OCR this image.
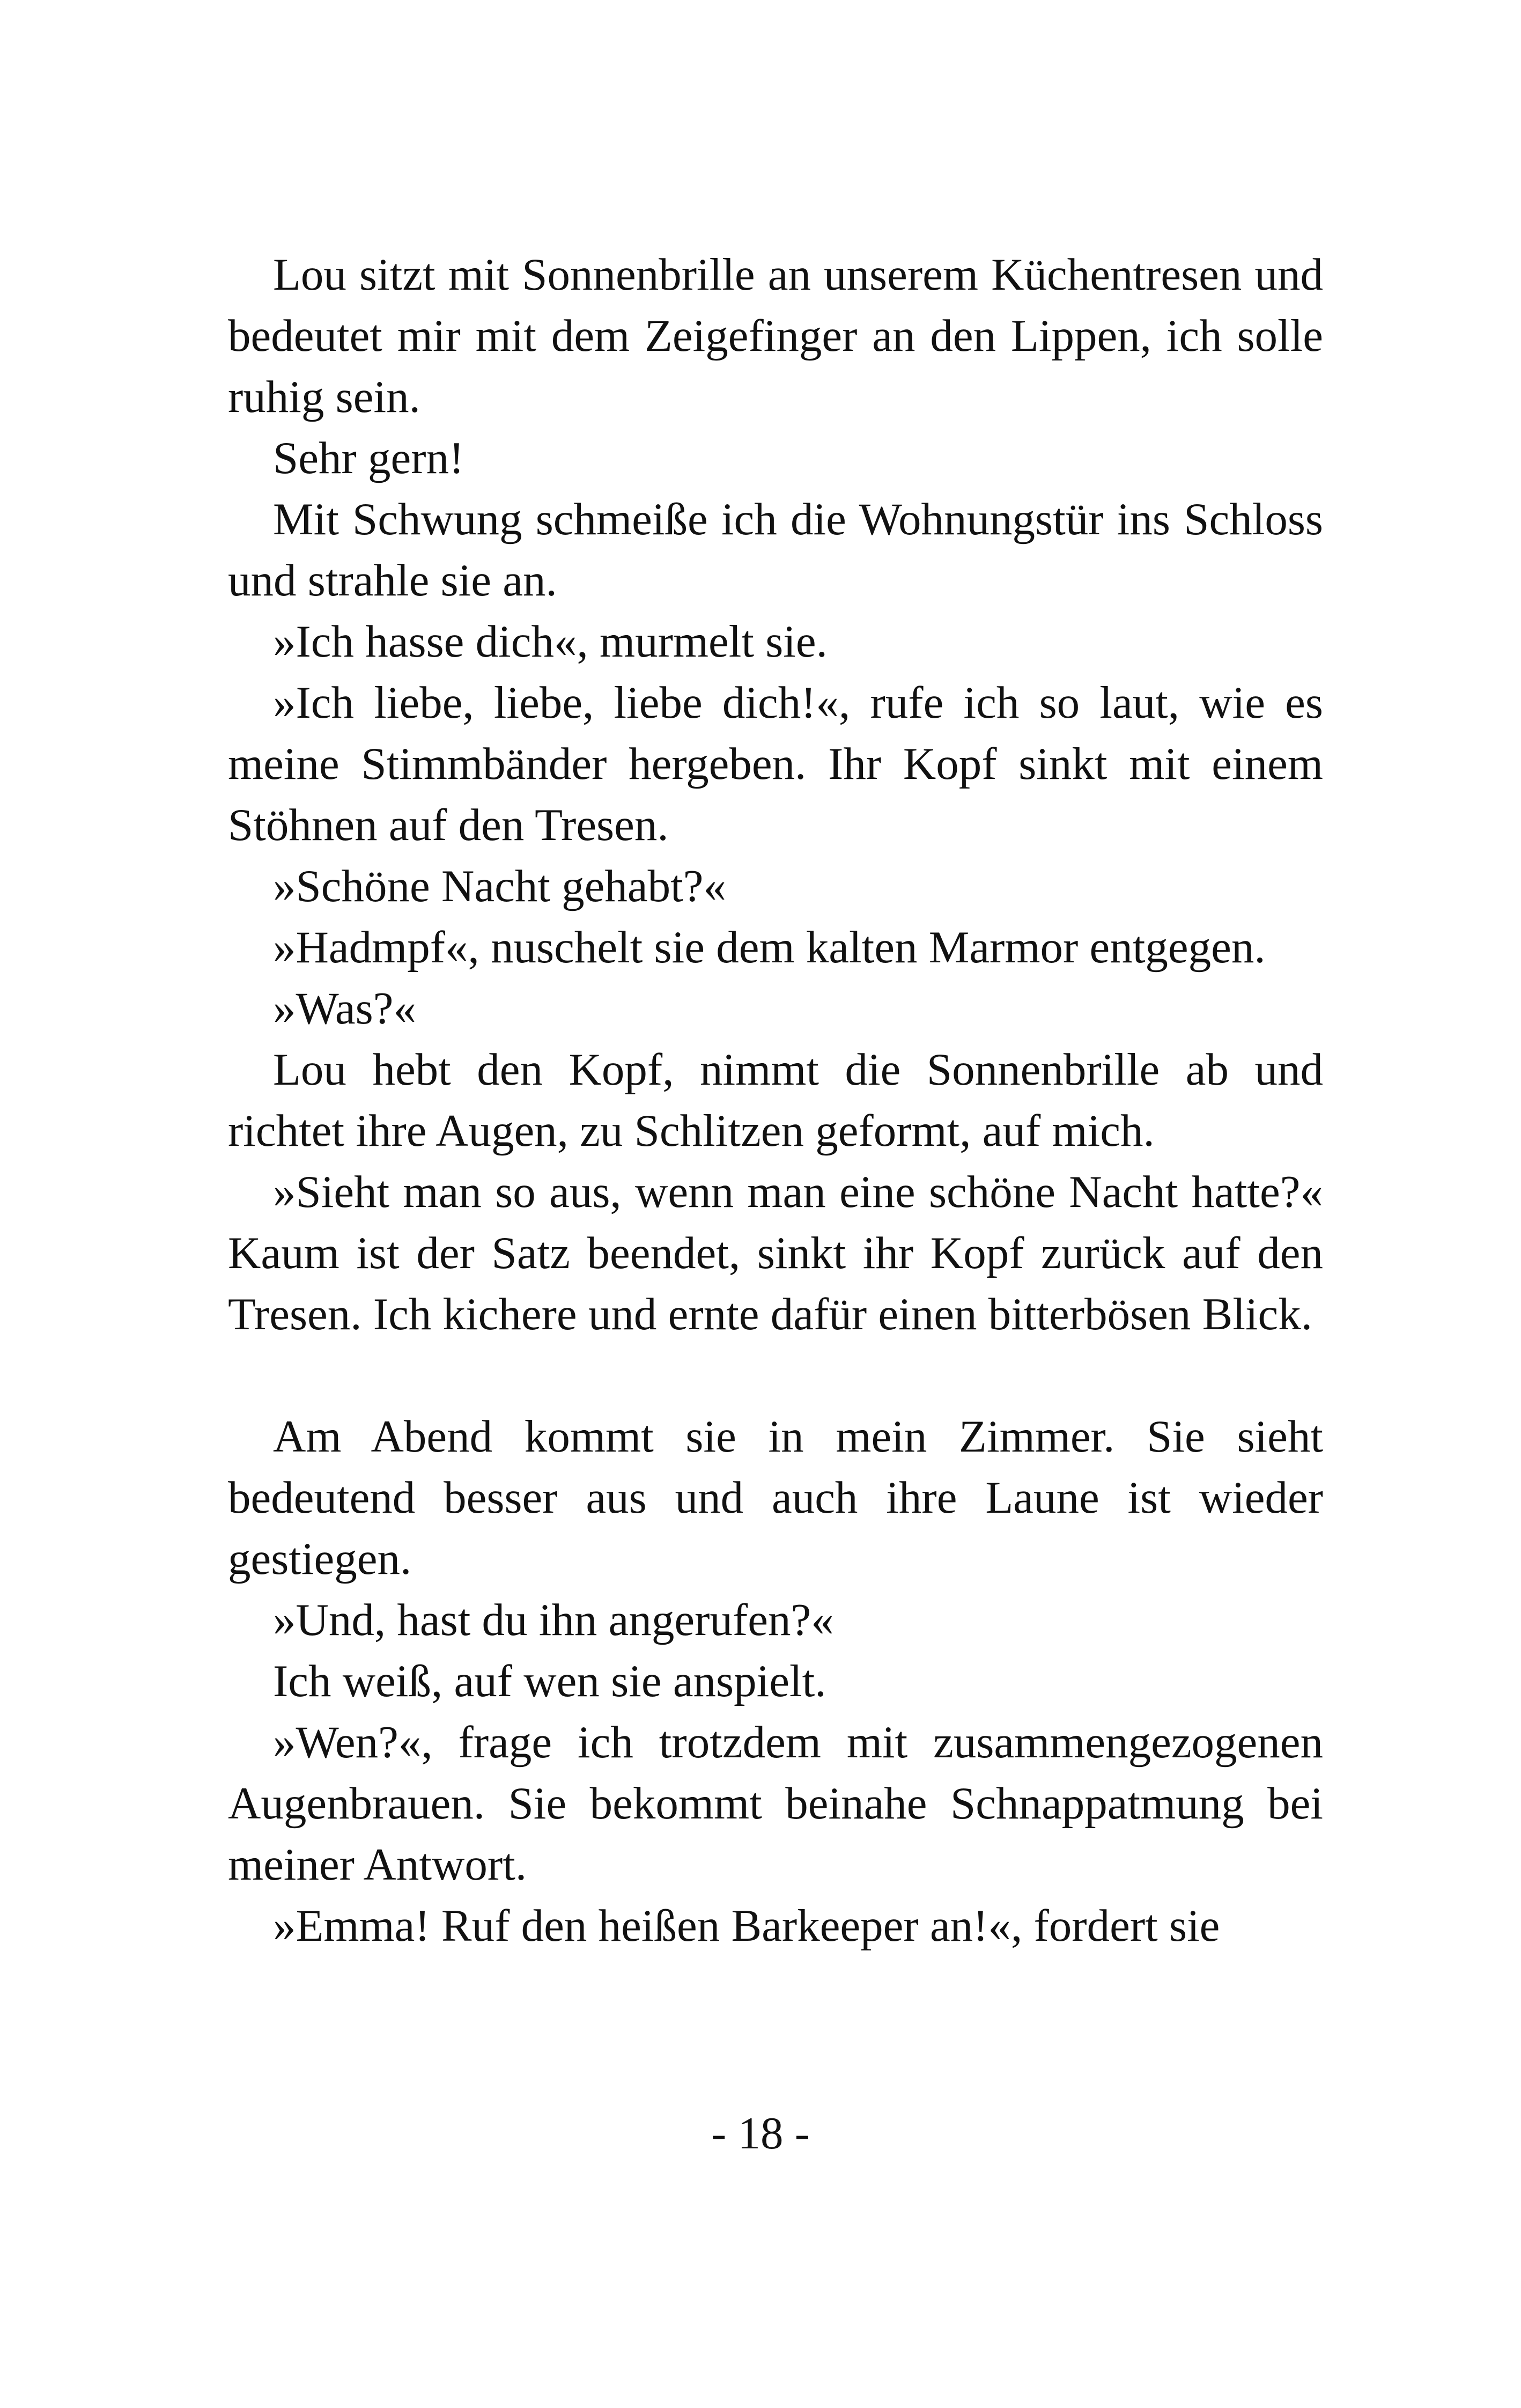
Lou sitzt mit Sonnenbrille an unserem Küchentresen und bedeutet mir mit dem Zeigefinger an den Lippen, ich solle ruhig sein.

Sehr gern!

Mit Schwung schmeiße ich die Wohnungstür ins Schloss und strahle sie an.

»Ich hasse dich«, murmelt sie.

»Ich liebe, liebe, liebe dich!«, rufe ich so laut, wie es meine Stimmbänder hergeben. Ihr Kopf sinkt mit einem Stöhnen auf den Tresen.

»Schöne Nacht gehabt?«

»Hadmpf«, nuschelt sie dem kalten Marmor entgegen.

»Was?«

Lou hebt den Kopf, nimmt die Sonnenbrille ab und richtet ihre Augen, zu Schlitzen geformt, auf mich.

»Sieht man so aus, wenn man eine schöne Nacht hatte?« Kaum ist der Satz beendet, sinkt ihr Kopf zurück auf den Tresen. Ich kichere und ernte dafür einen bitterbösen Blick.

Am Abend kommt sie in mein Zimmer. Sie sieht bedeutend besser aus und auch ihre Laune ist wieder gestiegen.

»Und, hast du ihn angerufen?«

Ich weiß, auf wen sie anspielt.

»Wen?«, frage ich trotzdem mit zusammengezogenen Augenbrauen. Sie bekommt beinahe Schnappatmung bei meiner Antwort.

»Emma! Ruf den heißen Barkeeper an!«, fordert sie

- 18 -
